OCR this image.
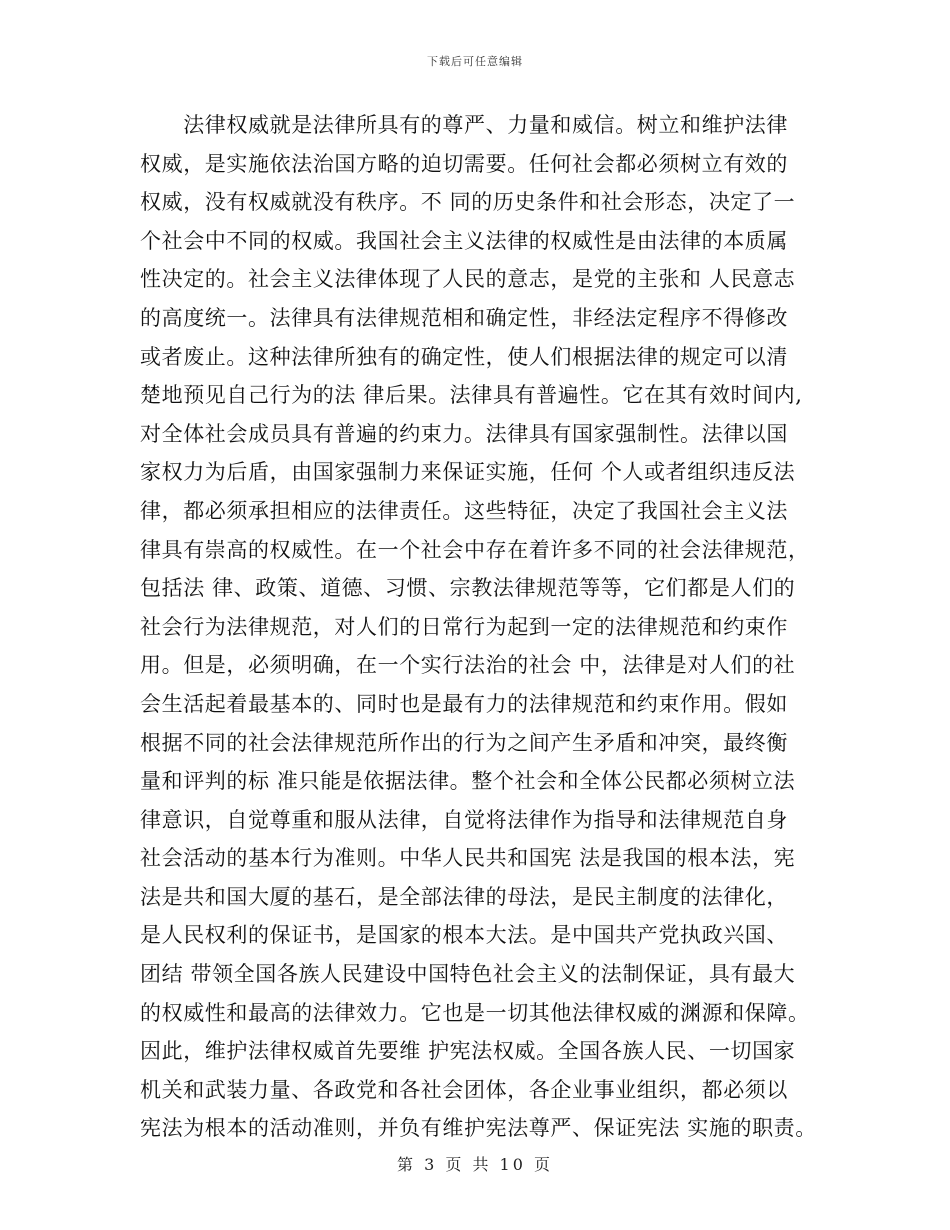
下载后可任意编辑
　　法律权威就是法律所具有的尊严、力量和威信。树立和维护法律
权威，是实施依法治国方略的迫切需要。任何社会都必须树立有效的
权威，没有权威就没有秩序。不 同的历史条件和社会形态，决定了一
个社会中不同的权威。我国社会主义法律的权威性是由法律的本质属
性决定的。社会主义法律体现了人民的意志，是党的主张和 人民意志
的高度统一。法律具有法律规范相和确定性，非经法定程序不得修改
或者废止。这种法律所独有的确定性，使人们根据法律的规定可以清
楚地预见自己行为的法 律后果。法律具有普遍性。它在其有效时间内,
对全体社会成员具有普遍的约束力。法律具有国家强制性。法律以国
家权力为后盾，由国家强制力来保证实施，任何 个人或者组织违反法
律，都必须承担相应的法律责任。这些特征，决定了我国社会主义法
律具有崇高的权威性。在一个社会中存在着许多不同的社会法律规范，
包括法 律、政策、道德、习惯、宗教法律规范等等，它们都是人们的
社会行为法律规范，对人们的日常行为起到一定的法律规范和约束作
用。但是，必须明确，在一个实行法治的社会 中，法律是对人们的社
会生活起着最基本的、同时也是最有力的法律规范和约束作用。假如
根据不同的社会法律规范所作出的行为之间产生矛盾和冲突，最终衡
量和评判的标 准只能是依据法律。整个社会和全体公民都必须树立法
律意识，自觉尊重和服从法律，自觉将法律作为指导和法律规范自身
社会活动的基本行为准则。中华人民共和国宪 法是我国的根本法，宪
法是共和国大厦的基石，是全部法律的母法，是民主制度的法律化，
是人民权利的保证书，是国家的根本大法。是中国共产党执政兴国、
团结 带领全国各族人民建设中国特色社会主义的法制保证，具有最大
的权威性和最高的法律效力。它也是一切其他法律权威的渊源和保障。
因此，维护法律权威首先要维 护宪法权威。全国各族人民、一切国家
机关和武装力量、各政党和各社会团体，各企业事业组织，都必须以
宪法为根本的活动准则，并负有维护宪法尊严、保证宪法 实施的职责。
第 3 页 共 10 页
